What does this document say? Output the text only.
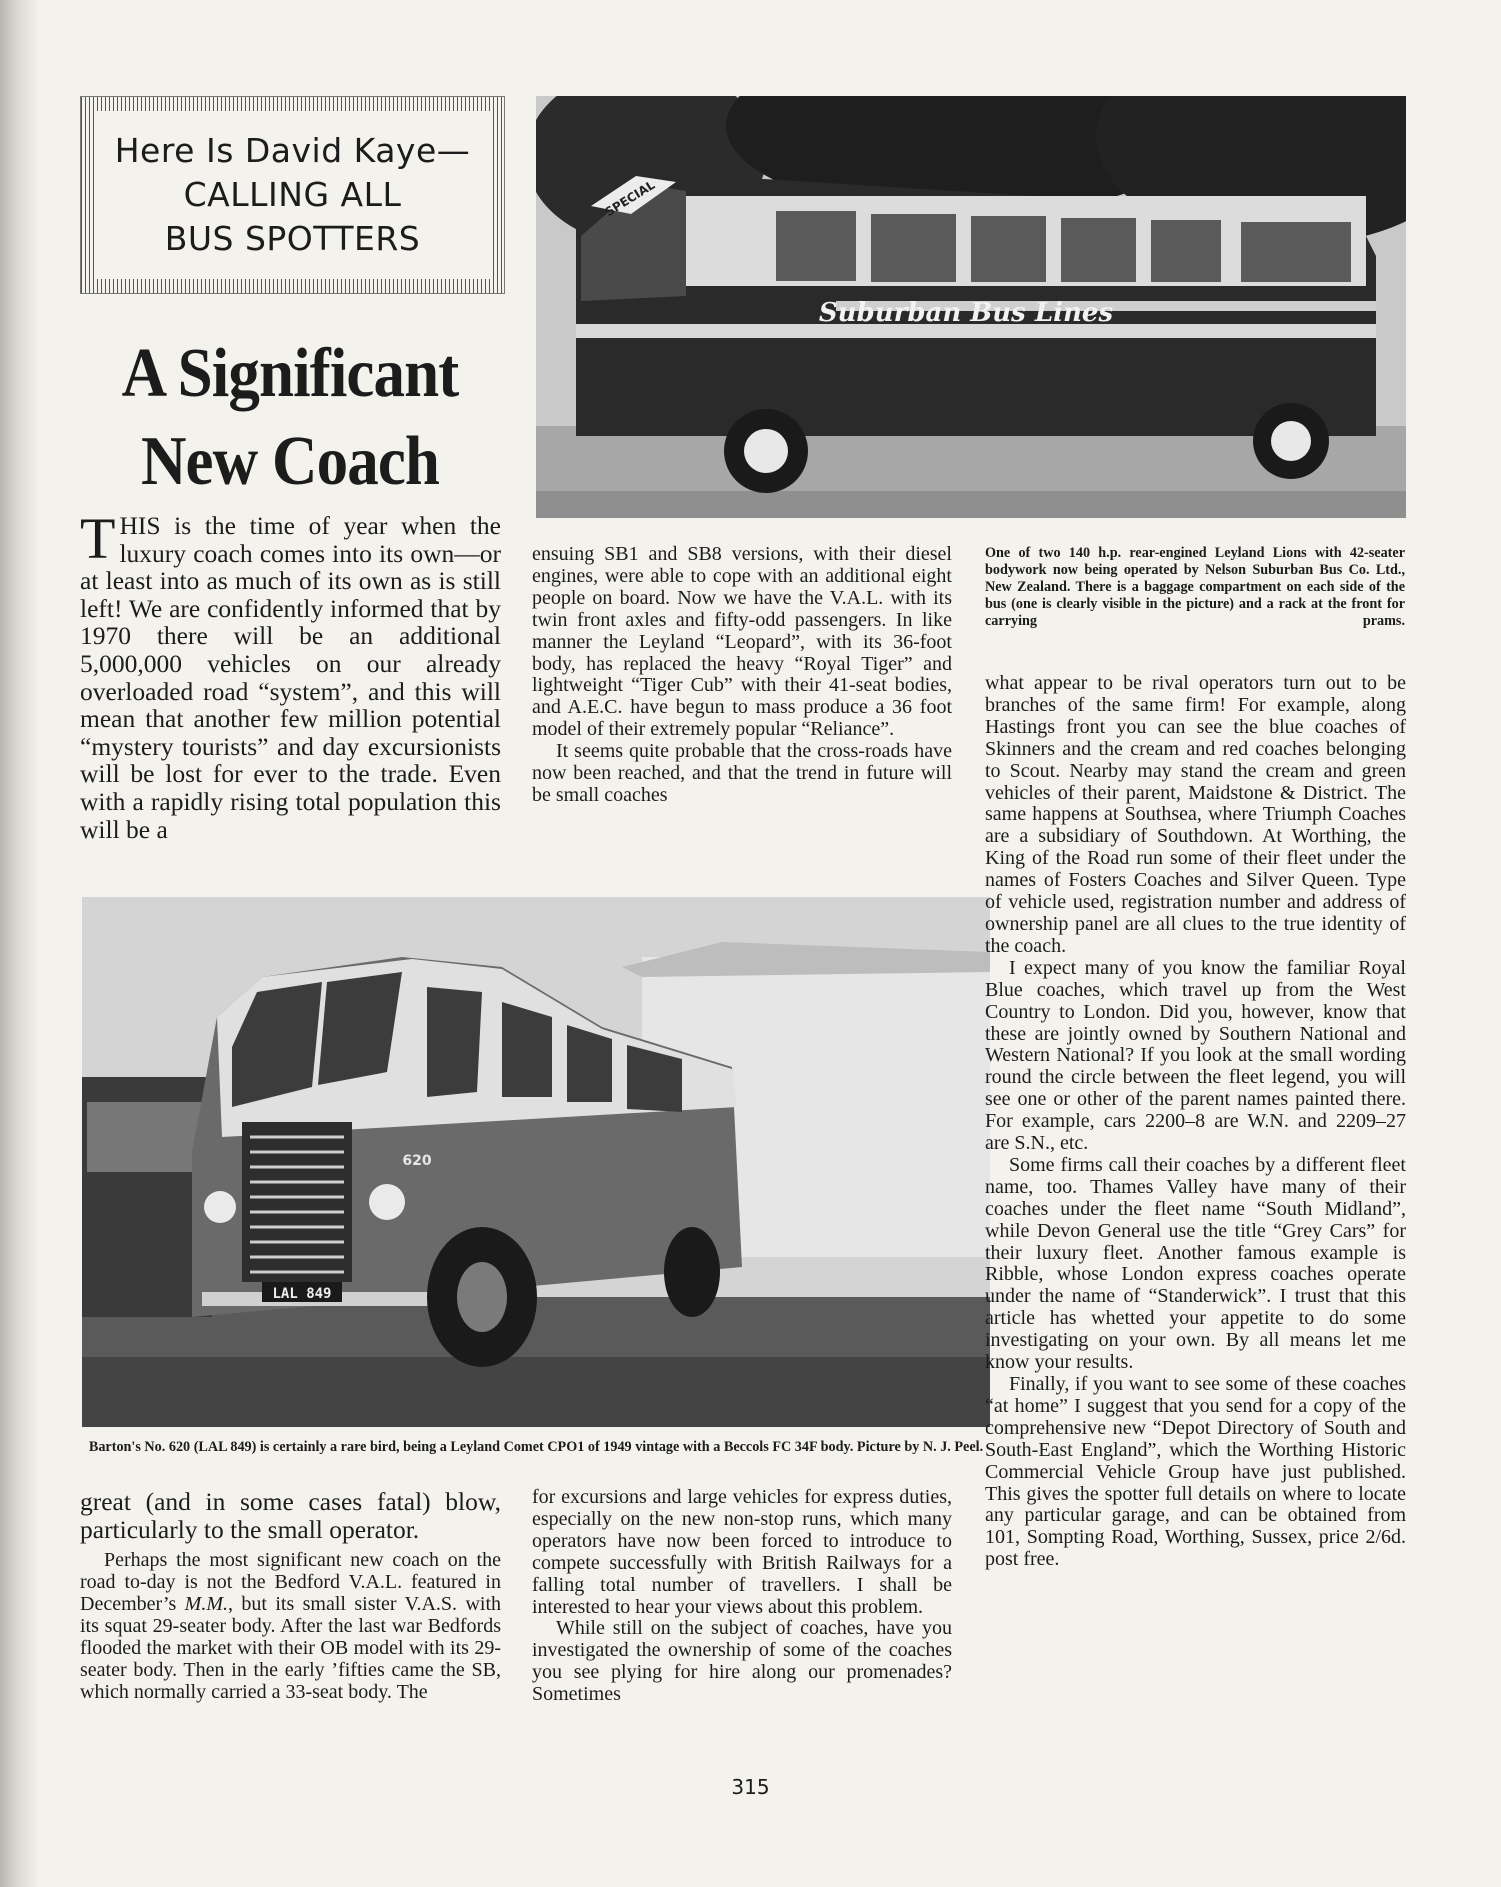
Here Is David Kaye—
CALLING ALL
BUS SPOTTERS
A Significant
New Coach
Suburban Bus Lines
SPECIAL
One of two 140 h.p. rear-engined Leyland Lions with 42-seater bodywork now being operated by Nelson Suburban Bus Co. Ltd., New Zealand. There is a baggage compartment on each side of the bus (one is clearly visible in the picture) and a rack at the front for carrying prams.

THIS is the time of year when the luxury coach comes into its own—or at least into as much of its own as is still left! We are confidently informed that by 1970 there will be an additional 5,000,000 vehicles on our already overloaded road “system”, and this will mean that another few million potential “mystery tourists” and day excursionists will be lost for ever to the trade. Even with a rapidly rising total population this will be a

ensuing SB1 and SB8 versions, with their diesel engines, were able to cope with an additional eight people on board. Now we have the V.A.L. with its twin front axles and fifty-odd passengers. In like manner the Leyland “Leopard”, with its 36-foot body, has replaced the heavy “Royal Tiger” and lightweight “Tiger Cub” with their 41-seat bodies, and A.E.C. have begun to mass produce a 36 foot model of their extremely popular “Reliance”.

It seems quite probable that the cross-roads have now been reached, and that the trend in future will be small coaches

LAL 849
620
Barton's No. 620 (LAL 849) is certainly a rare bird, being a Leyland Comet CPO1 of 1949 vintage with a Beccols FC 34F body. Picture by N. J. Peel.

great (and in some cases fatal) blow, particularly to the small operator.

Perhaps the most significant new coach on the road to-day is not the Bedford V.A.L. featured in December’s M.M., but its small sister V.A.S. with its squat 29-seater body. After the last war Bedfords flooded the market with their OB model with its 29-seater body. Then in the early ’fifties came the SB, which normally carried a 33-seat body. The

for excursions and large vehicles for express duties, especially on the new non-stop runs, which many operators have now been forced to introduce to compete successfully with British Railways for a falling total number of travellers. I shall be interested to hear your views about this problem.

While still on the subject of coaches, have you investigated the ownership of some of the coaches you see plying for hire along our promenades? Sometimes

what appear to be rival operators turn out to be branches of the same firm! For example, along Hastings front you can see the blue coaches of Skinners and the cream and red coaches belonging to Scout. Nearby may stand the cream and green vehicles of their parent, Maidstone & District. The same happens at Southsea, where Triumph Coaches are a subsidiary of Southdown. At Worthing, the King of the Road run some of their fleet under the names of Fosters Coaches and Silver Queen. Type of vehicle used, registration number and address of ownership panel are all clues to the true identity of the coach.

I expect many of you know the familiar Royal Blue coaches, which travel up from the West Country to London. Did you, however, know that these are jointly owned by Southern National and Western National? If you look at the small wording round the circle between the fleet legend, you will see one or other of the parent names painted there. For example, cars 2200–8 are W.N. and 2209–27 are S.N., etc.

Some firms call their coaches by a different fleet name, too. Thames Valley have many of their coaches under the fleet name “South Midland”, while Devon General use the title “Grey Cars” for their luxury fleet. Another famous example is Ribble, whose London express coaches operate under the name of “Standerwick”. I trust that this article has whetted your appetite to do some investigating on your own. By all means let me know your results.

Finally, if you want to see some of these coaches “at home” I suggest that you send for a copy of the comprehensive new “Depot Directory of South and South-East England”, which the Worthing Historic Commercial Vehicle Group have just published. This gives the spotter full details on where to locate any particular garage, and can be obtained from 101, Sompting Road, Worthing, Sussex, price 2/6d. post free.

315
